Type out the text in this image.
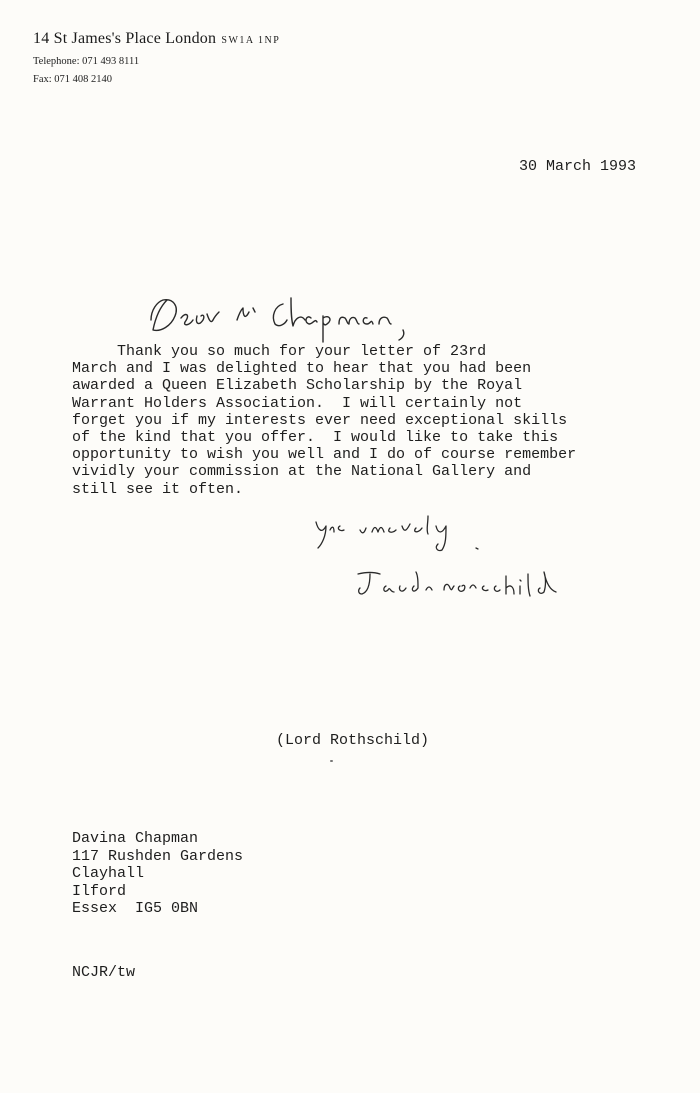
14 St James's Place London SW1A 1NP
Telephone: 071 493 8111
Fax: 071 408 2140
30 March 1993
Thank you so much for your letter of 23rd
March and I was delighted to hear that you had been
awarded a Queen Elizabeth Scholarship by the Royal
Warrant Holders Association.  I will certainly not
forget you if my interests ever need exceptional skills
of the kind that you offer.  I would like to take this
opportunity to wish you well and I do of course remember
vividly your commission at the National Gallery and
still see it often.
(Lord Rothschild)
Davina Chapman
117 Rushden Gardens
Clayhall
Ilford
Essex  IG5 0BN
NCJR/tw
